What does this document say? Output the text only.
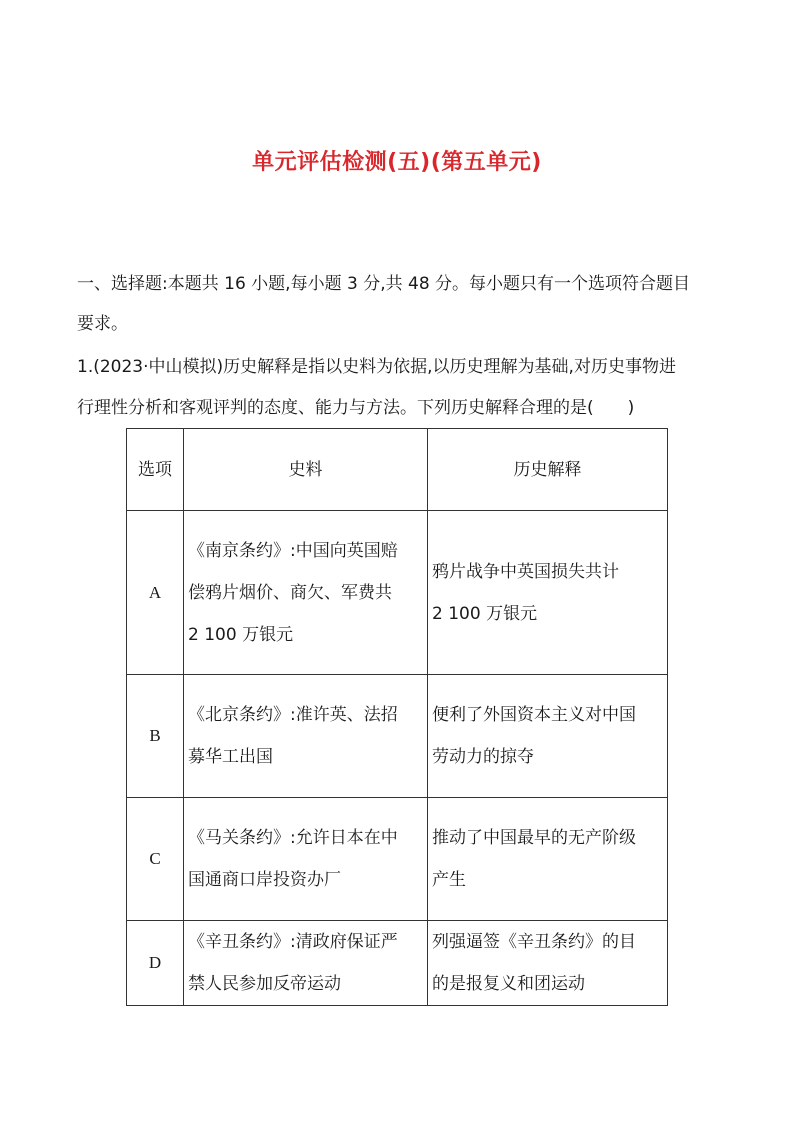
单元评估检测(五)(第五单元)
一、选择题:本题共 16 小题,每小题 3 分,共 48 分。每小题只有一个选项符合题目
要求。
1.(2023·中山模拟)历史解释是指以史料为依据,以历史理解为基础,对历史事物进
行理性分析和客观评判的态度、能力与方法。下列历史解释合理的是(　　)
选项	史料	历史解释
A	《南京条约》:中国向英国赔
偿鸦片烟价、商欠、军费共
2 100 万银元	鸦片战争中英国损失共计
2 100 万银元

B	《北京条约》:准许英、法招
募华工出国	便利了外国资本主义对中国
劳动力的掠夺

C	《马关条约》:允许日本在中
国通商口岸投资办厂	推动了中国最早的无产阶级
产生

D	《辛丑条约》:清政府保证严
禁人民参加反帝运动	列强逼签《辛丑条约》的目
的是报复义和团运动
